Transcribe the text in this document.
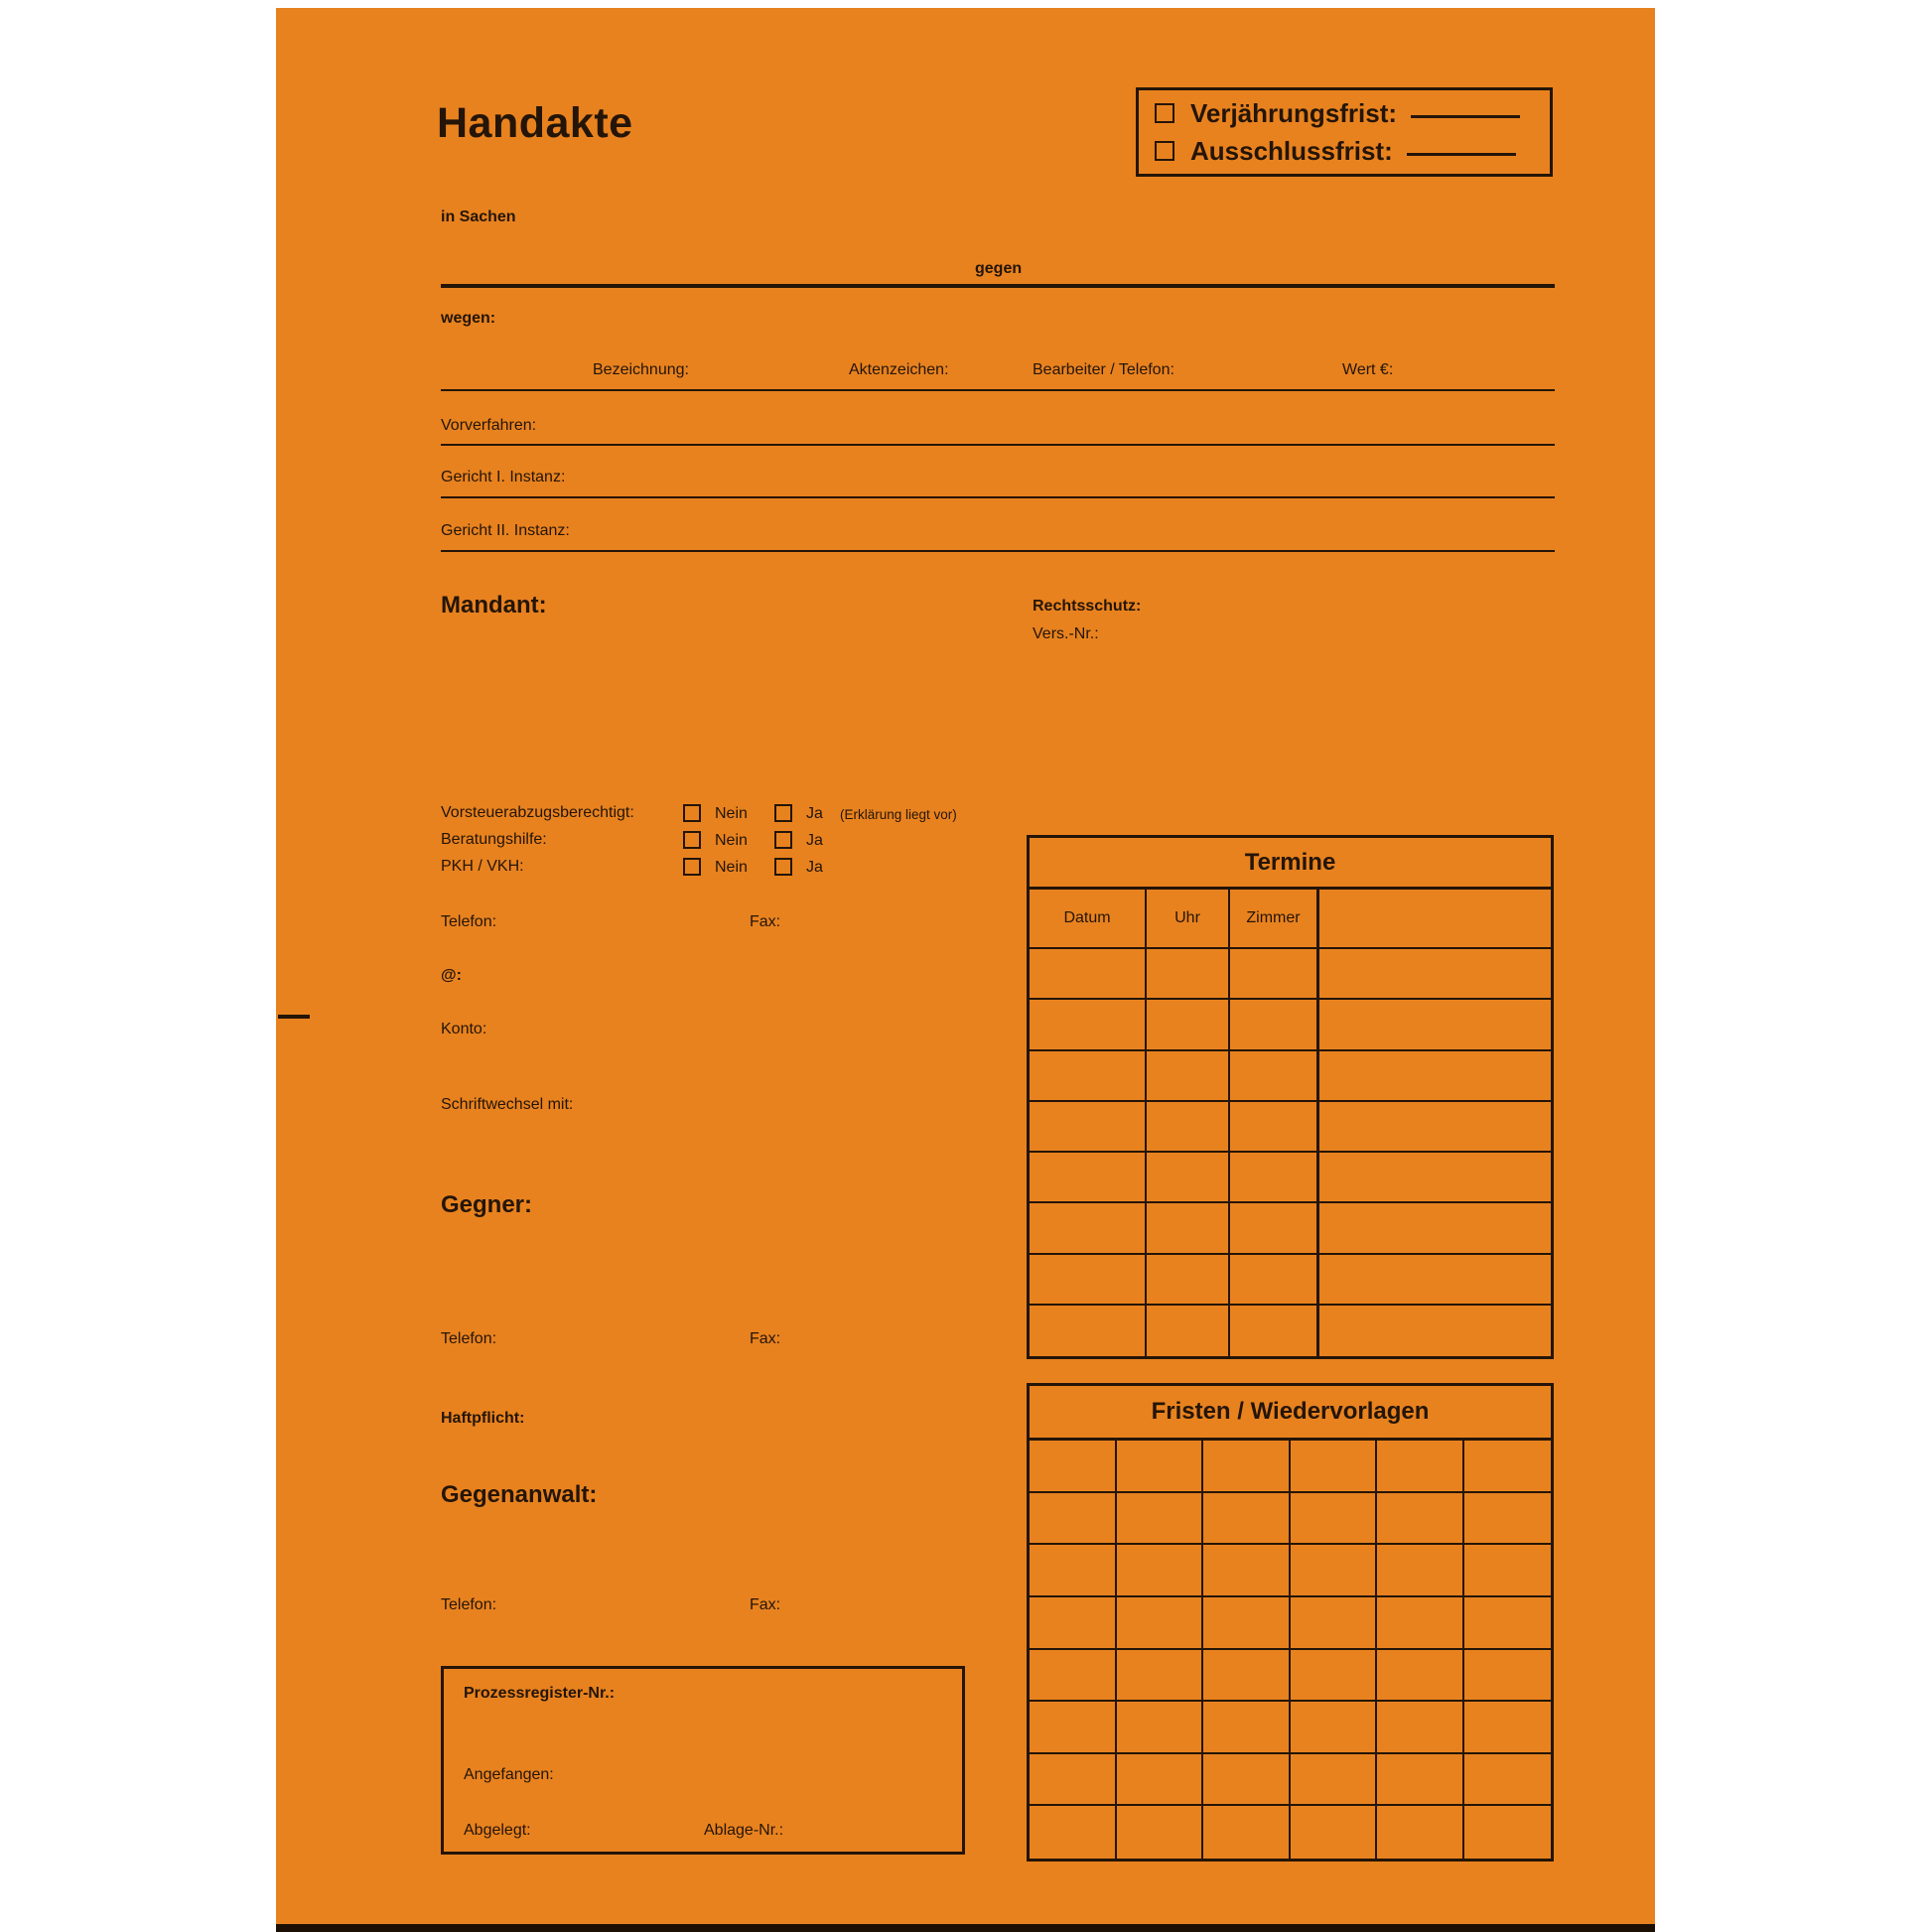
Handakte	Verjährungsfrist:
Ausschlussfrist:
in Sachen
gegen
wegen:
Bezeichnung:	Aktenzeichen:	Bearbeiter / Telefon:	Wert €:
Vorverfahren:
Gericht I. Instanz:
Gericht II. Instanz:
Mandant:	Rechtsschutz:
Vers.-Nr.:
Vorsteuerabzugsberechtigt:	Nein	Ja (Erklärung liegt vor)
Beratungshilfe:	Nein	Ja
PKH / VKH:	Nein	Ja
Telefon:	Fax:
@:
Konto:
Schriftwechsel mit:
Gegner:
Telefon:	Fax:
Haftpflicht:
Gegenanwalt:
Telefon:	Fax:
Prozessregister-Nr.:
Angefangen:
Abgelegt:	Ablage-Nr.:
Termine
Datum	Uhr	Zimmer
Fristen / Wiedervorlagen
